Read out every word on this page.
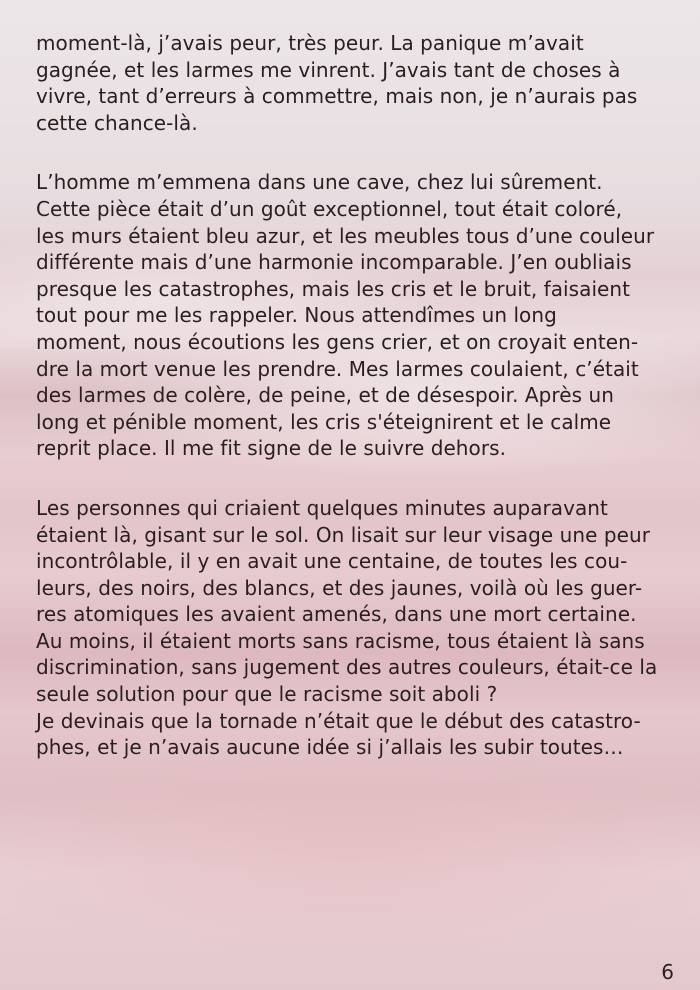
moment-là, j’avais peur, très peur. La panique m’avait
gagnée, et les larmes me vinrent. J’avais tant de choses à
vivre, tant d’erreurs à commettre, mais non, je n’aurais pas
cette chance-là.

L’homme m’emmena dans une cave, chez lui sûrement.
Cette pièce était d’un goût exceptionnel, tout était coloré,
les murs étaient bleu azur, et les meubles tous d’une couleur
différente mais d’une harmonie incomparable. J’en oubliais
presque les catastrophes, mais les cris et le bruit, faisaient
tout pour me les rappeler. Nous attendîmes un long
moment, nous écoutions les gens crier, et on croyait enten-
dre la mort venue les prendre. Mes larmes coulaient, c’était
des larmes de colère, de peine, et de désespoir. Après un
long et pénible moment, les cris s'éteignirent et le calme
reprit place. Il me fit signe de le suivre dehors.

Les personnes qui criaient quelques minutes auparavant
étaient là, gisant sur le sol. On lisait sur leur visage une peur
incontrôlable, il y en avait une centaine, de toutes les cou-
leurs, des noirs, des blancs, et des jaunes, voilà où les guer-
res atomiques les avaient amenés, dans une mort certaine.
Au moins, il étaient morts sans racisme, tous étaient là sans
discrimination, sans jugement des autres couleurs, était-ce la
seule solution pour que le racisme soit aboli ?
Je devinais que la tornade n’était que le début des catastro-
phes, et je n’avais aucune idée si j’allais les subir toutes…

6
